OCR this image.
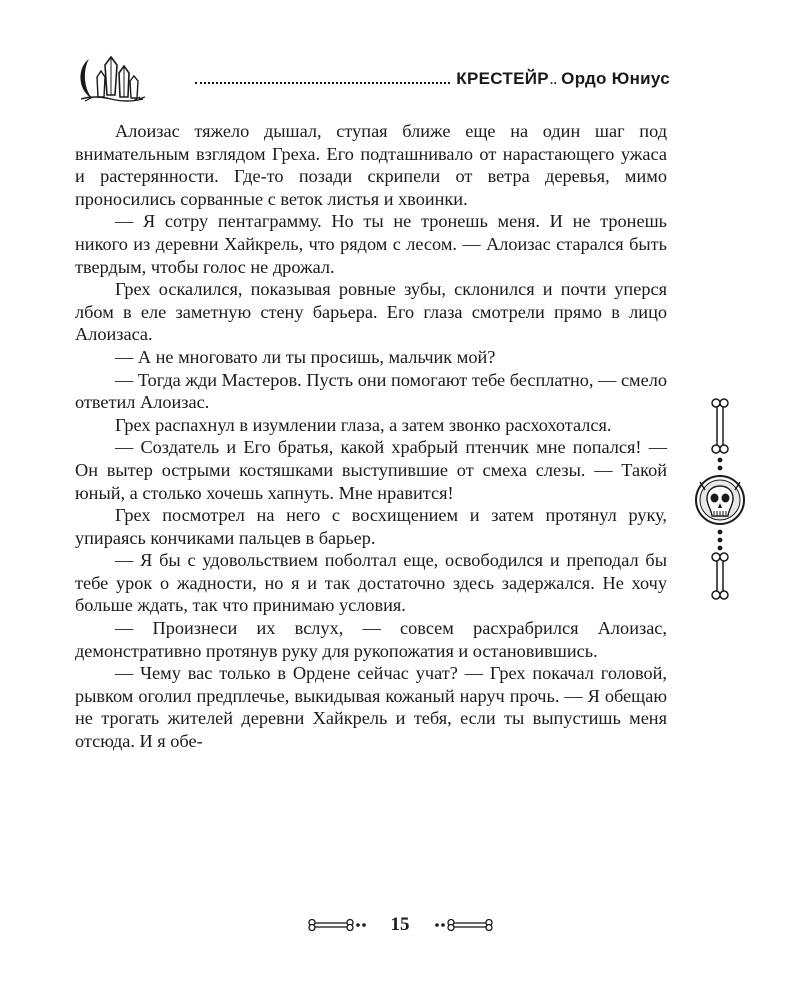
КРЕСТЕЙР.. Ордо Юниус

Алоизас тяжело дышал, ступая ближе еще на один шаг под внимательным взглядом Греха. Его подташнивало от нарастающего ужаса и растерянности. Где-то позади скрипели от ветра деревья, мимо проносились сорванные с веток листья и хвоинки.

— Я сотру пентаграмму. Но ты не тронешь меня. И не тронешь никого из деревни Хайкрель, что рядом с лесом. — Алоизас старался быть твердым, чтобы голос не дрожал.

Грех оскалился, показывая ровные зубы, склонился и почти уперся лбом в еле заметную стену барьера. Его глаза смотрели прямо в лицо Алоизаса.

— А не многовато ли ты просишь, мальчик мой?

— Тогда жди Мастеров. Пусть они помогают тебе бесплатно, — смело ответил Алоизас.

Грех распахнул в изумлении глаза, а затем звонко расхохотался.

— Создатель и Его братья, какой храбрый птенчик мне попался! — Он вытер острыми костяшками выступившие от смеха слезы. — Такой юный, а столько хочешь хапнуть. Мне нравится!

Грех посмотрел на него с восхищением и затем протянул руку, упираясь кончиками пальцев в барьер.

— Я бы с удовольствием поболтал еще, освободился и преподал бы тебе урок о жадности, но я и так достаточно здесь задержался. Не хочу больше ждать, так что принимаю условия.

— Произнеси их вслух, — совсем расхрабрился Алоизас, демонстративно протянув руку для рукопожатия и остановившись.

— Чему вас только в Ордене сейчас учат? — Грех покачал головой, рывком оголил предплечье, выкидывая кожаный наруч прочь. — Я обещаю не трогать жителей деревни Хайкрель и тебя, если ты выпустишь меня отсюда. И я обе-

15
